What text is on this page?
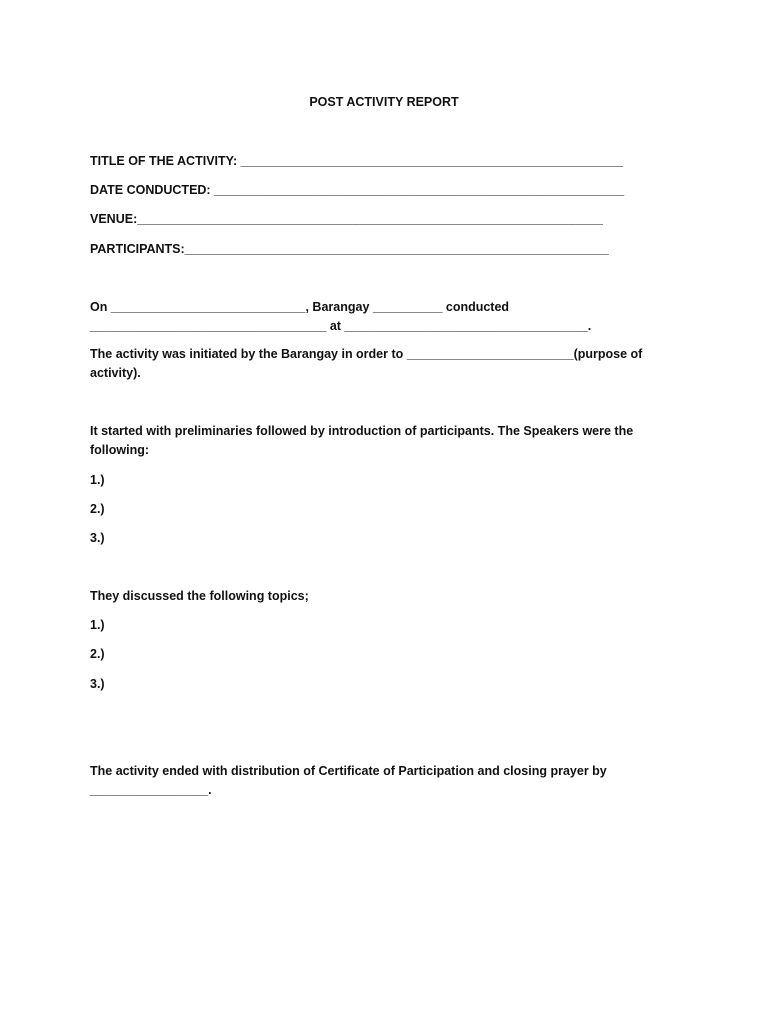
POST ACTIVITY REPORT
TITLE OF THE ACTIVITY: _______________________________________________________
DATE CONDUCTED: ___________________________________________________________
VENUE:___________________________________________________________________
PARTICIPANTS:_____________________________________________________________
On ____________________________, Barangay __________ conducted
__________________________________ at ___________________________________.
The activity was initiated by the Barangay in order to ________________________(purpose of
activity).
It started with preliminaries followed by introduction of participants. The Speakers were the
following:
1.)
2.)
3.)
They discussed the following topics;
1.)
2.)
3.)
The activity ended with distribution of Certificate of Participation and closing prayer by
_________________.
